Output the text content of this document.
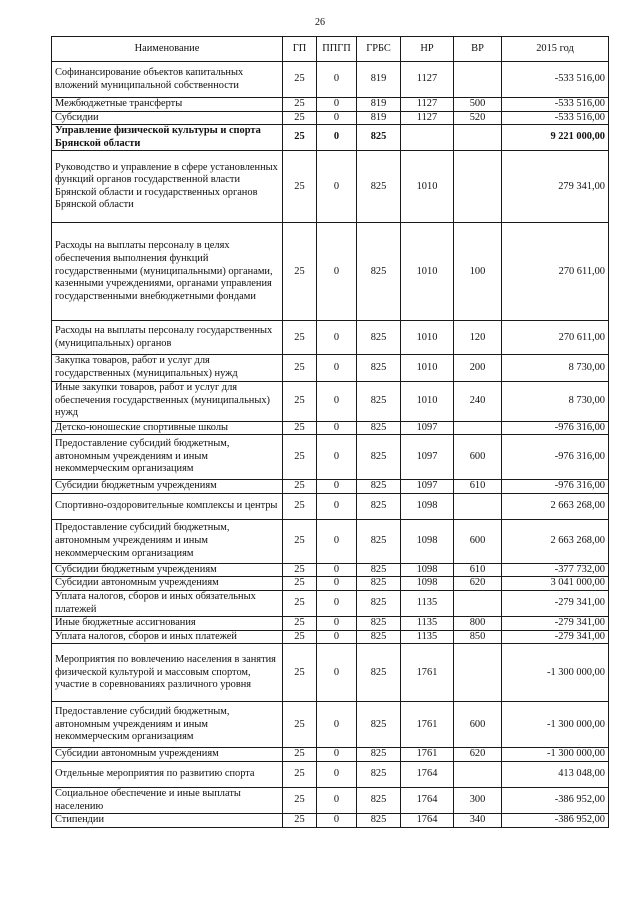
26
Наименование	ГП	ППГП	ГРБС	НР	ВР	2015 год
Софинансирование объектов капитальных вложений муниципальной собственности	25	0	819	1127		-533 516,00
Межбюджетные трансферты	25	0	819	1127	500	-533 516,00
Субсидии	25	0	819	1127	520	-533 516,00
Управление физической культуры и спорта Брянской области	25	0	825			9 221 000,00
Руководство и управление в сфере установленных функций органов государственной власти Брянской области и государственных органов Брянской области	25	0	825	1010		279 341,00
Расходы на выплаты персоналу в целях обеспечения выполнения функций государственными (муниципальными) органами, казенными учреждениями, органами управления государственными внебюджетными фондами	25	0	825	1010	100	270 611,00
Расходы на выплаты персоналу государственных (муниципальных) органов	25	0	825	1010	120	270 611,00
Закупка товаров, работ и услуг для государственных (муниципальных) нужд	25	0	825	1010	200	8 730,00
Иные закупки товаров, работ и услуг для обеспечения государственных (муниципальных) нужд	25	0	825	1010	240	8 730,00
Детско-юношеские спортивные школы	25	0	825	1097		-976 316,00
Предоставление субсидий бюджетным, автономным учреждениям и иным некоммерческим организациям	25	0	825	1097	600	-976 316,00
Субсидии бюджетным учреждениям	25	0	825	1097	610	-976 316,00
Спортивно-оздоровительные комплексы и центры	25	0	825	1098		2 663 268,00
Предоставление субсидий бюджетным, автономным учреждениям и иным некоммерческим организациям	25	0	825	1098	600	2 663 268,00
Субсидии бюджетным учреждениям	25	0	825	1098	610	-377 732,00
Субсидии автономным учреждениям	25	0	825	1098	620	3 041 000,00
Уплата налогов, сборов и иных обязательных платежей	25	0	825	1135		-279 341,00
Иные бюджетные ассигнования	25	0	825	1135	800	-279 341,00
Уплата налогов, сборов и иных платежей	25	0	825	1135	850	-279 341,00
Мероприятия по вовлечению населения в занятия физической культурой и массовым спортом, участие в соревнованиях различного уровня	25	0	825	1761		-1 300 000,00
Предоставление субсидий бюджетным, автономным учреждениям и иным некоммерческим организациям	25	0	825	1761	600	-1 300 000,00
Субсидии автономным учреждениям	25	0	825	1761	620	-1 300 000,00
Отдельные мероприятия по развитию спорта	25	0	825	1764		413 048,00
Социальное обеспечение и иные выплаты населению	25	0	825	1764	300	-386 952,00
Стипендии	25	0	825	1764	340	-386 952,00
